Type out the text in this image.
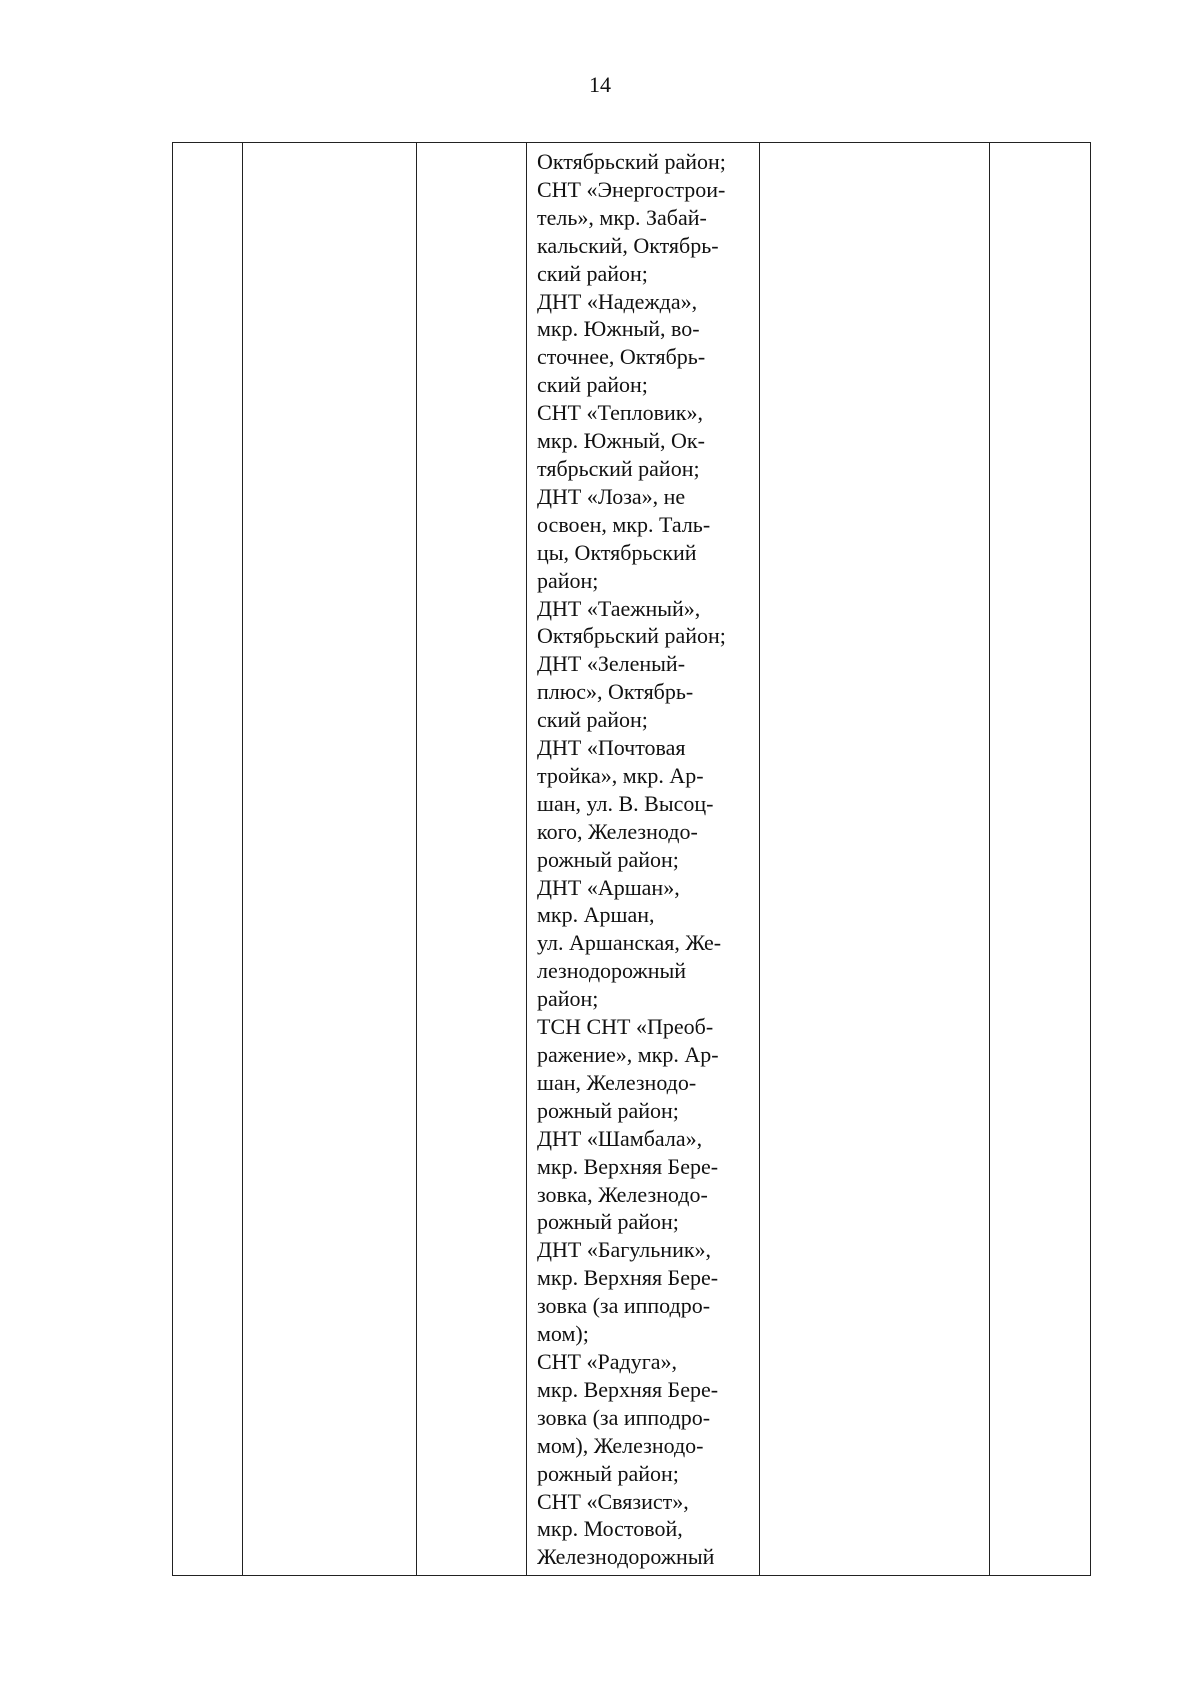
14

Октябрьский район;
СНТ «Энергострои-
тель», мкр. Забай-
кальский, Октябрь-
ский район;
ДНТ «Надежда»,
мкр. Южный, во-
сточнее, Октябрь-
ский район;
СНТ «Тепловик»,
мкр. Южный, Ок-
тябрьский район;
ДНТ «Лоза», не
освоен, мкр. Таль-
цы, Октябрьский
район;
ДНТ «Таежный»,
Октябрьский район;
ДНТ «Зеленый-
плюс», Октябрь-
ский район;
ДНТ «Почтовая
тройка», мкр. Ар-
шан, ул. В. Высоц-
кого, Железнодо-
рожный район;
ДНТ «Аршан»,
мкр. Аршан,
ул. Аршанская, Же-
лезнодорожный
район;
ТСН СНТ «Преоб-
ражение», мкр. Ар-
шан, Железнодо-
рожный район;
ДНТ «Шамбала»,
мкр. Верхняя Бере-
зовка, Железнодо-
рожный район;
ДНТ «Багульник»,
мкр. Верхняя Бере-
зовка (за ипподро-
мом);
СНТ «Радуга»,
мкр. Верхняя Бере-
зовка (за ипподро-
мом), Железнодо-
рожный район;
СНТ «Связист»,
мкр. Мостовой,
Железнодорожный
